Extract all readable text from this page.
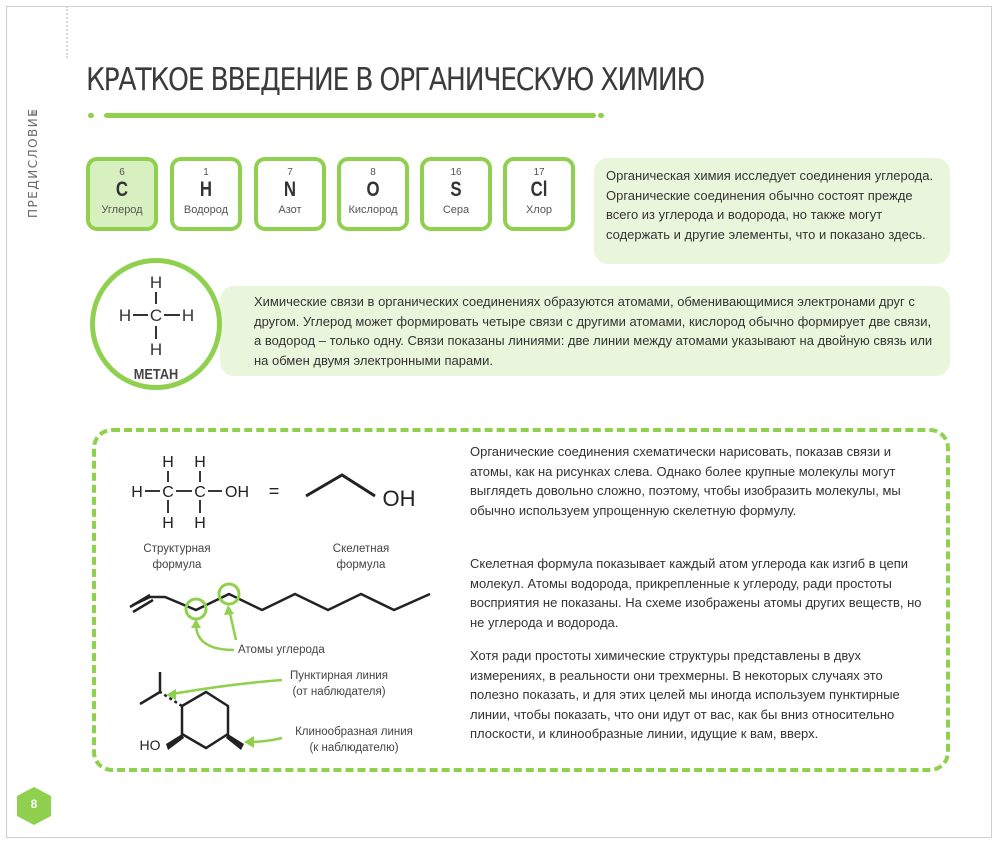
ПРЕДИСЛОВИЕ
КРАТКОЕ ВВЕДЕНИЕ В ОРГАНИЧЕСКУЮ ХИМИЮ
6
C
Углерод
1
H
Водород
7
N
Азот
8
O
Кислород
16
S
Сера
17
Cl
Хлор
Органическая химия исследует соединения углерода. Органические соединения обычно состоят прежде всего из углерода и водорода, но также могут содержать и другие элементы, что и показано здесь.
Химические связи в органических соединениях образуются атомами, обменивающимися электронами друг с другом. Углерод может формировать четыре связи с другими атомами, кислород обычно формирует две связи, а водород – только одну. Связи показаны линиями: две линии между атомами указывают на двойную связь или на обмен двумя электронными парами.
H
H C H
H
МЕТАН
H H
H C C OH
H H
=	OH
HO
Структурная
формула
Скелетная
формула
Атомы углерода
Пунктирная линия
(от наблюдателя)
Клинообразная линия
(к наблюдателю)
Органические соединения схематически нарисовать, показав связи и атомы, как на рисунках слева. Однако более крупные молекулы могут выглядеть довольно сложно, поэтому, чтобы изобразить молекулы, мы обычно используем упрощенную скелетную формулу.
Скелетная формула показывает каждый атом углерода как изгиб в цепи молекул. Атомы водорода, прикрепленные к углероду, ради простоты восприятия не показаны. На схеме изображены атомы других веществ, но не углерода и водорода.
Хотя ради простоты химические структуры представлены в двух измерениях, в реальности они трехмерны. В некоторых случаях это полезно показать, и для этих целей мы иногда используем пунктирные линии, чтобы показать, что они идут от вас, как бы вниз относительно плоскости, и клинообразные линии, идущие к вам, вверх.
8
